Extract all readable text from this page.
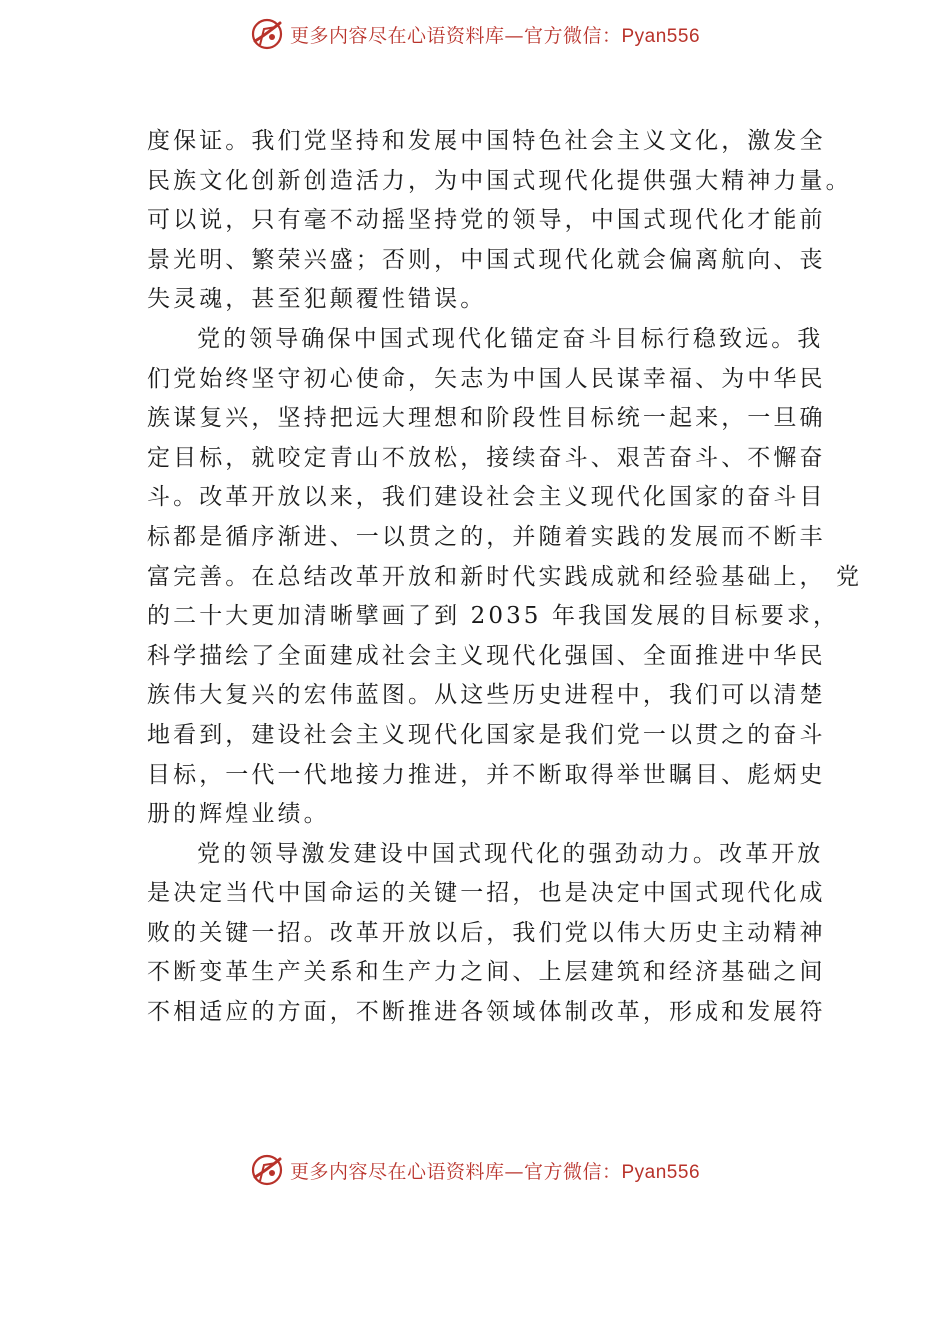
更多内容尽在心语资料库—官方微信：Pyan556
度保证。我们党坚持和发展中国特色社会主义文化，激发全
民族文化创新创造活力，为中国式现代化提供强大精神力量。
可以说，只有毫不动摇坚持党的领导，中国式现代化才能前
景光明、繁荣兴盛；否则，中国式现代化就会偏离航向、丧
失灵魂，甚至犯颠覆性错误。
党的领导确保中国式现代化锚定奋斗目标行稳致远。我
们党始终坚守初心使命，矢志为中国人民谋幸福、为中华民
族谋复兴，坚持把远大理想和阶段性目标统一起来，一旦确
定目标，就咬定青山不放松，接续奋斗、艰苦奋斗、不懈奋
斗。改革开放以来，我们建设社会主义现代化国家的奋斗目
标都是循序渐进、一以贯之的，并随着实践的发展而不断丰
富完善。在总结改革开放和新时代实践成就和经验基础上， 党
的二十大更加清晰擘画了到 2035 年我国发展的目标要求，
科学描绘了全面建成社会主义现代化强国、全面推进中华民
族伟大复兴的宏伟蓝图。从这些历史进程中，我们可以清楚
地看到，建设社会主义现代化国家是我们党一以贯之的奋斗
目标，一代一代地接力推进，并不断取得举世瞩目、彪炳史
册的辉煌业绩。
党的领导激发建设中国式现代化的强劲动力。改革开放
是决定当代中国命运的关键一招，也是决定中国式现代化成
败的关键一招。改革开放以后，我们党以伟大历史主动精神
不断变革生产关系和生产力之间、上层建筑和经济基础之间
不相适应的方面，不断推进各领域体制改革，形成和发展符
更多内容尽在心语资料库—官方微信：Pyan556
